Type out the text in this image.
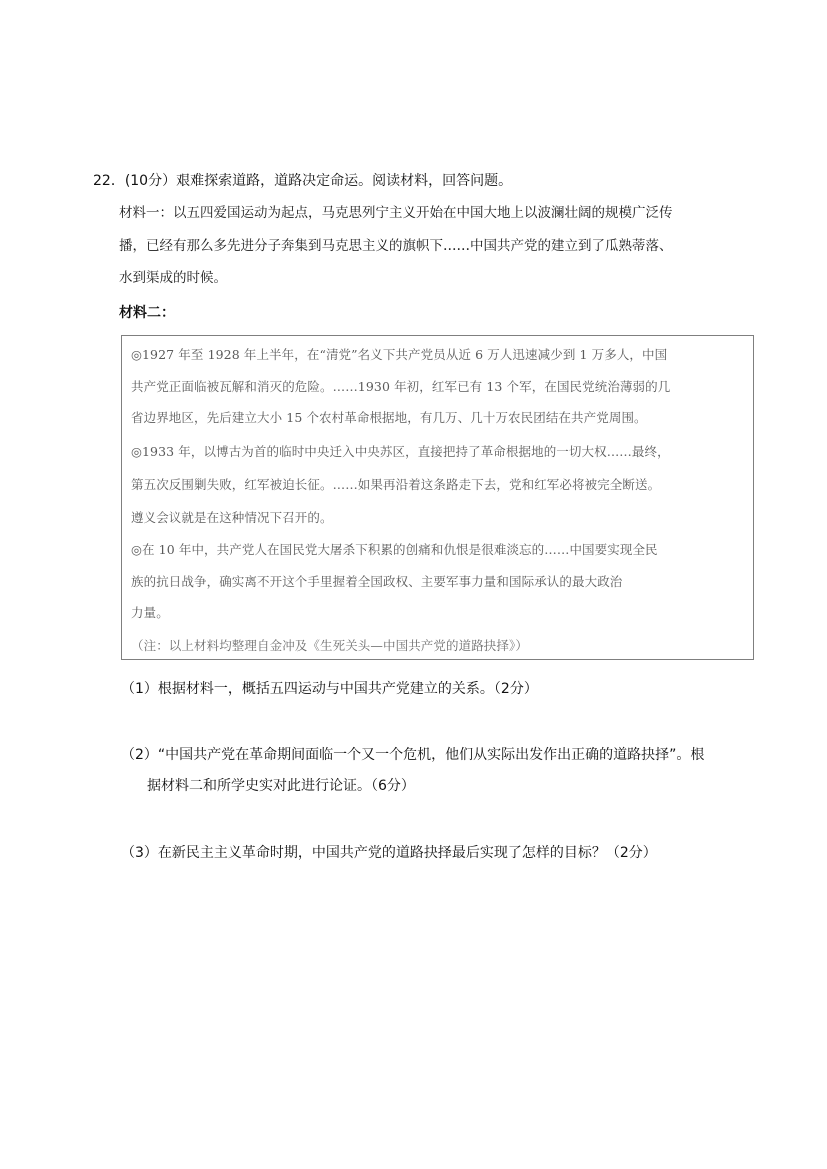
22．(10分）艰难探索道路，道路决定命运。阅读材料，回答问题。
材料一：以五四爱国运动为起点，马克思列宁主义开始在中国大地上以波澜壮阔的规模广泛传
播，已经有那么多先进分子奔集到马克思主义的旗帜下……中国共产党的建立到了瓜熟蒂落、
水到渠成的时候。
材料二：
◎1927 年至 1928 年上半年，在“清党”名义下共产党员从近 6 万人迅速减少到 1 万多人，中国
共产党正面临被瓦解和消灭的危险。……1930 年初，红军已有 13 个军，在国民党统治薄弱的几
省边界地区，先后建立大小 15 个农村革命根据地，有几万、几十万农民团结在共产党周围。
◎1933 年，以博古为首的临时中央迁入中央苏区，直接把持了革命根据地的一切大权……最终，
第五次反围剿失败，红军被迫长征。……如果再沿着这条路走下去，党和红军必将被完全断送。
遵义会议就是在这种情况下召开的。
◎在 10 年中，共产党人在国民党大屠杀下积累的创痛和仇恨是很难淡忘的……中国要实现全民
族的抗日战争，确实离不开这个手里握着全国政权、主要军事力量和国际承认的最大政治
力量。
（注：以上材料均整理自金冲及《生死关头—中国共产党的道路抉择》）
（1）根据材料一，概括五四运动与中国共产党建立的关系。（2分）
（2）“中国共产党在革命期间面临一个又一个危机，他们从实际出发作出正确的道路抉择”。根
据材料二和所学史实对此进行论证。（6分）
（3）在新民主主义革命时期，中国共产党的道路抉择最后实现了怎样的目标？（2分）
